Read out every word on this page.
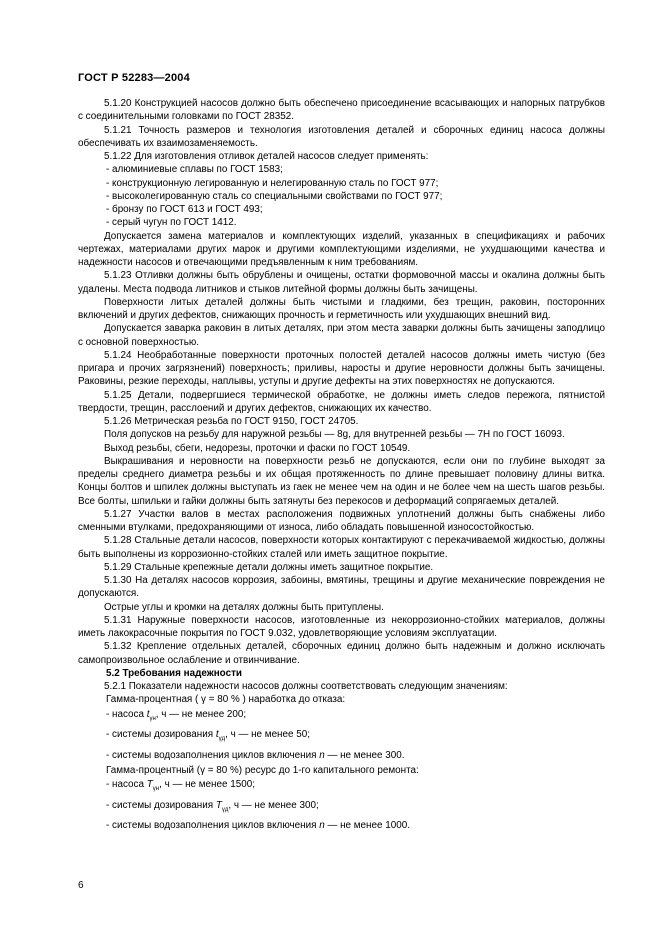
ГОСТ Р 52283—2004

5.1.20 Конструкцией насосов должно быть обеспечено присоединение всасывающих и напорных патрубков с соединительными головками по ГОСТ 28352.

5.1.21 Точность размеров и технология изготовления деталей и сборочных единиц насоса должны обеспечивать их взаимозаменяемость.

5.1.22 Для изготовления отливок деталей насосов следует применять:

- алюминиевые сплавы по ГОСТ 1583;

- конструкционную легированную и нелегированную сталь по ГОСТ 977;

- высоколегированную сталь со специальными свойствами по ГОСТ 977;

- бронзу по ГОСТ 613 и ГОСТ 493;

- серый чугун по ГОСТ 1412.

Допускается замена материалов и комплектующих изделий, указанных в спецификациях и рабочих чертежах, материалами других марок и другими комплектующими изделиями, не ухудшающими качества и надежности насосов и отвечающими предъявленным к ним требованиям.

5.1.23 Отливки должны быть обрублены и очищены, остатки формовочной массы и окалина должны быть удалены. Места подвода литников и стыков литейной формы должны быть зачищены.

Поверхности литых деталей должны быть чистыми и гладкими, без трещин, раковин, посторонних включений и других дефектов, снижающих прочность и герметичность или ухудшающих внешний вид.

Допускается заварка раковин в литых деталях, при этом места заварки должны быть зачищены заподлицо с основной поверхностью.

5.1.24 Необработанные поверхности проточных полостей деталей насосов должны иметь чистую (без пригара и прочих загрязнений) поверхность; приливы, наросты и другие неровности должны быть зачищены. Раковины, резкие переходы, наплывы, уступы и другие дефекты на этих поверхностях не допускаются.

5.1.25 Детали, подвергшиеся термической обработке, не должны иметь следов пережога, пятнистой твердости, трещин, расслоений и других дефектов, снижающих их качество.

5.1.26 Метрическая резьба по ГОСТ 9150, ГОСТ 24705.

Поля допусков на резьбу для наружной резьбы — 8g, для внутренней резьбы — 7H по ГОСТ 16093.

Выход резьбы, сбеги, недорезы, проточки и фаски по ГОСТ 10549.

Выкрашивания и неровности на поверхности резьб не допускаются, если они по глубине выходят за пределы среднего диаметра резьбы и их общая протяженность по длине превышает половину длины витка. Концы болтов и шпилек должны выступать из гаек не менее чем на один и не более чем на шесть шагов резьбы. Все болты, шпильки и гайки должны быть затянуты без перекосов и деформаций сопрягаемых деталей.

5.1.27 Участки валов в местах расположения подвижных уплотнений должны быть снабжены либо сменными втулками, предохраняющими от износа, либо обладать повышенной износостойкостью.

5.1.28 Стальные детали насосов, поверхности которых контактируют с перекачиваемой жидкостью, должны быть выполнены из коррозионно-стойких сталей или иметь защитное покрытие.

5.1.29 Стальные крепежные детали должны иметь защитное покрытие.

5.1.30 На деталях насосов коррозия, забоины, вмятины, трещины и другие механические повреждения не допускаются.

Острые углы и кромки на деталях должны быть притуплены.

5.1.31 Наружные поверхности насосов, изготовленные из некоррозионно-стойких материалов, должны иметь лакокрасочные покрытия по ГОСТ 9.032, удовлетворяющие условиям эксплуатации.

5.1.32 Крепление отдельных деталей, сборочных единиц должно быть надежным и должно исключать самопроизвольное ослабление и отвинчивание.

5.2 Требования надежности

5.2.1 Показатели надежности насосов должны соответствовать следующим значениям:

Гамма-процентная ( γ = 80 % ) наработка до отказа:

- насоса $t_{\gamma н}$, ч — не менее 200;

- системы дозирования $t_{\gamma д}$, ч — не менее 50;

- системы водозаполнения циклов включения n — не менее 300.

Гамма-процентный (γ = 80 %) ресурс до 1-го капитального ремонта:

- насоса $T_{\gamma н}$, ч — не менее 1500;

- системы дозирования $T_{\gamma д}$, ч — не менее 300;

- системы водозаполнения циклов включения n — не менее 1000.

6
